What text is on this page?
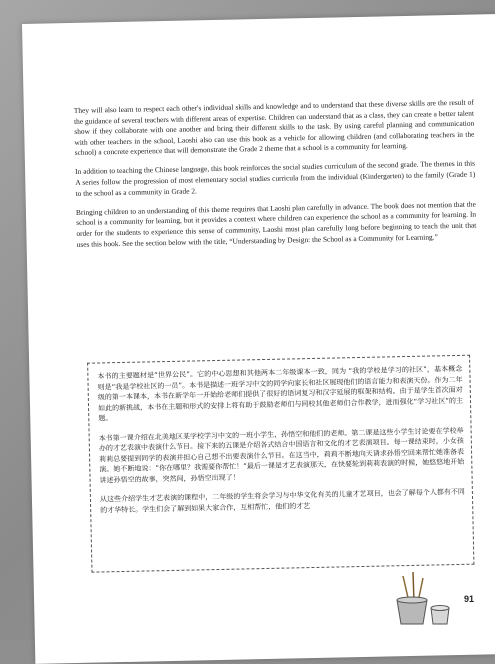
They will also learn to respect each other's individual skills and knowledge and to understand that these diverse skills are the result of the guidance of several teachers with different areas of expertise. Children can understand that as a class, they can create a better talent show if they collaborate with one another and bring their different skills to the task. By using careful planning and communication with other teachers in the school, Laoshi also can use this book as a vehicle for allowing children (and collaborating teachers in the school) a concrete experience that will demonstrate the Grade 2 theme that a school is a community for learning.

In addition to teaching the Chinese language, this book reinforces the social studies curriculum of the second grade. The themes in this A series follow the progression of most elementary social studies curricula from the individual (Kindergarten) to the family (Grade 1) to the school as a community in Grade 2.

Bringing children to an understanding of this theme requires that Laoshi plan carefully in advance. The book does not mention that the school is a community for learning, but it provides a context where children can experience the school as a community for learning. In order for the students to experience this sense of community, Laoshi must plan carefully long before beginning to teach the unit that uses this book. See the section below with the title, “Understanding by Design: the School as a Community for Learning.”

本书的主要题材是“世界公民”。它的中心思想和其他两本二年级课本一致，同为 “我的学校是学习的社区”，基本概念则是“我是学校社区的一员”。本书是描述一班学习中文的同学向家长和社区展现他们的语言能力和表演天份。作为二年级的第一本课本，本书在新学年一开始给老师们提供了很好的语词复习和汉字延展的框架和结构。由于是学生首次面对如此的新挑战，本书在主题和形式的安排上将有助于鼓励老师们与同校其他老师们合作教学，进而强化“学习社区”的主题。

本书第一课介绍在北美地区某学校学习中文的一班小学生，孙悟空和他们的老师。第二课是这些小学生讨论要在学校举办的才艺表演中表演什么节目。接下来的五课是介绍各式结合中国语言和文化的才艺表演项目。每一课结束时，小女孩莉莉总要提到同学的表演并担心自己想不出要表演什么节目。在这当中，莉莉不断地向天请求孙悟空回来帮忙她准备表演。她不断地说：“你在哪里？我需要你帮忙！”最后一课是才艺表演那天，在快要轮到莉莉表演的时候，她悠悠地开始讲述孙悟空的故事，突然间，孙悟空出现了！

从这些介绍学生才艺表演的课程中，二年级的学生将会学习与中华文化有关的儿童才艺项目，也会了解每个人都有不同的才华特长。学生们会了解到如果大家合作，互相帮忙，他们的才艺

91
